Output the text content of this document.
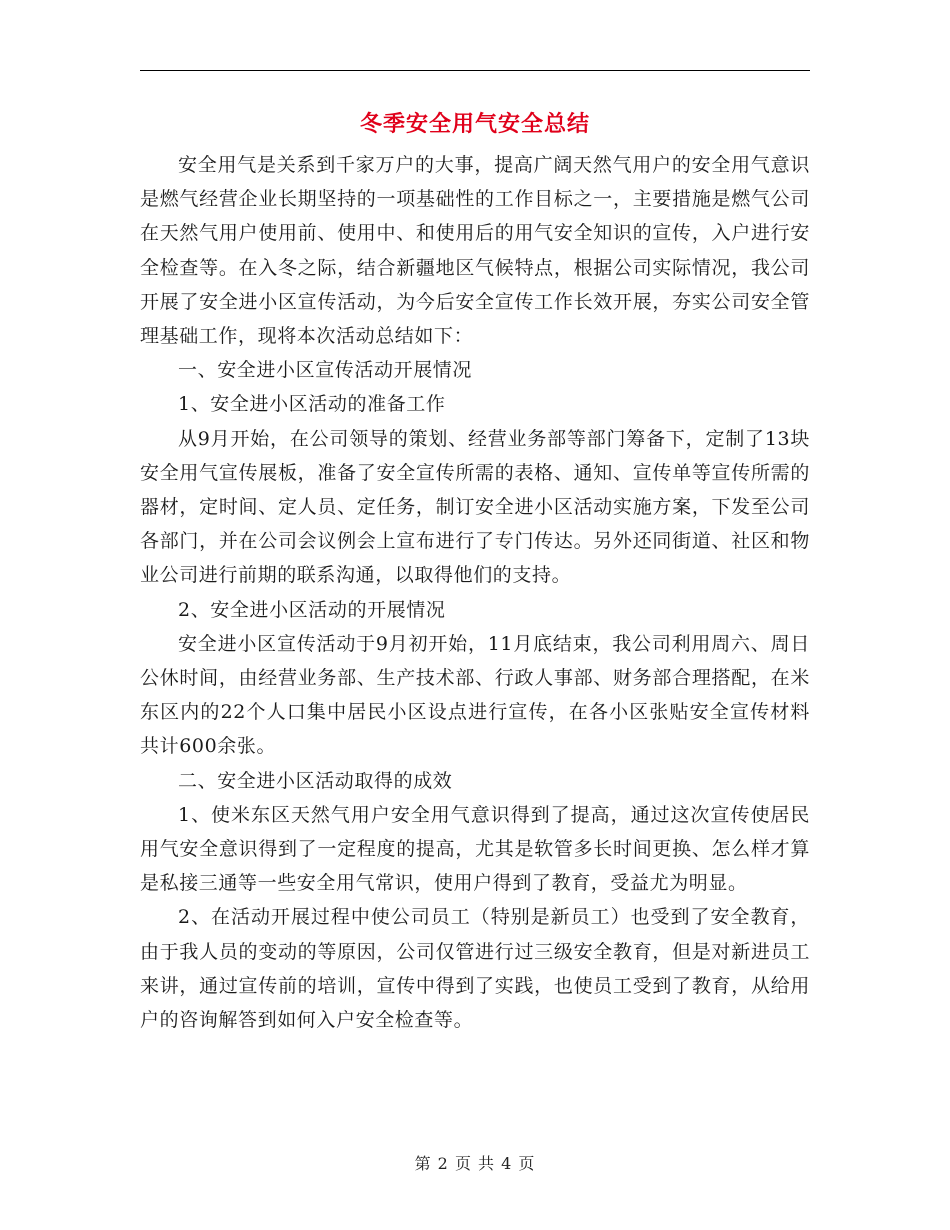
冬季安全用气安全总结

安全用气是关系到千家万户的大事，提高广阔天然气用户的安全用气意识是燃气经营企业长期坚持的一项基础性的工作目标之一，主要措施是燃气公司在天然气用户使用前、使用中、和使用后的用气安全知识的宣传，入户进行安全检查等。在入冬之际，结合新疆地区气候特点，根据公司实际情况，我公司开展了安全进小区宣传活动，为今后安全宣传工作长效开展，夯实公司安全管理基础工作，现将本次活动总结如下：

一、安全进小区宣传活动开展情况

1、安全进小区活动的准备工作

从9月开始，在公司领导的策划、经营业务部等部门筹备下，定制了13块安全用气宣传展板，准备了安全宣传所需的表格、通知、宣传单等宣传所需的器材，定时间、定人员、定任务，制订安全进小区活动实施方案，下发至公司各部门，并在公司会议例会上宣布进行了专门传达。另外还同街道、社区和物业公司进行前期的联系沟通，以取得他们的支持。

2、安全进小区活动的开展情况

安全进小区宣传活动于9月初开始，11月底结束，我公司利用周六、周日公休时间，由经营业务部、生产技术部、行政人事部、财务部合理搭配，在米东区内的22个人口集中居民小区设点进行宣传，在各小区张贴安全宣传材料共计600余张。

二、安全进小区活动取得的成效

1、使米东区天然气用户安全用气意识得到了提高，通过这次宣传使居民用气安全意识得到了一定程度的提高，尤其是软管多长时间更换、怎么样才算是私接三通等一些安全用气常识，使用户得到了教育，受益尤为明显。

2、在活动开展过程中使公司员工（特别是新员工）也受到了安全教育，由于我人员的变动的等原因，公司仅管进行过三级安全教育，但是对新进员工来讲，通过宣传前的培训，宣传中得到了实践，也使员工受到了教育，从给用户的咨询解答到如何入户安全检查等。

第 2 页 共 4 页
